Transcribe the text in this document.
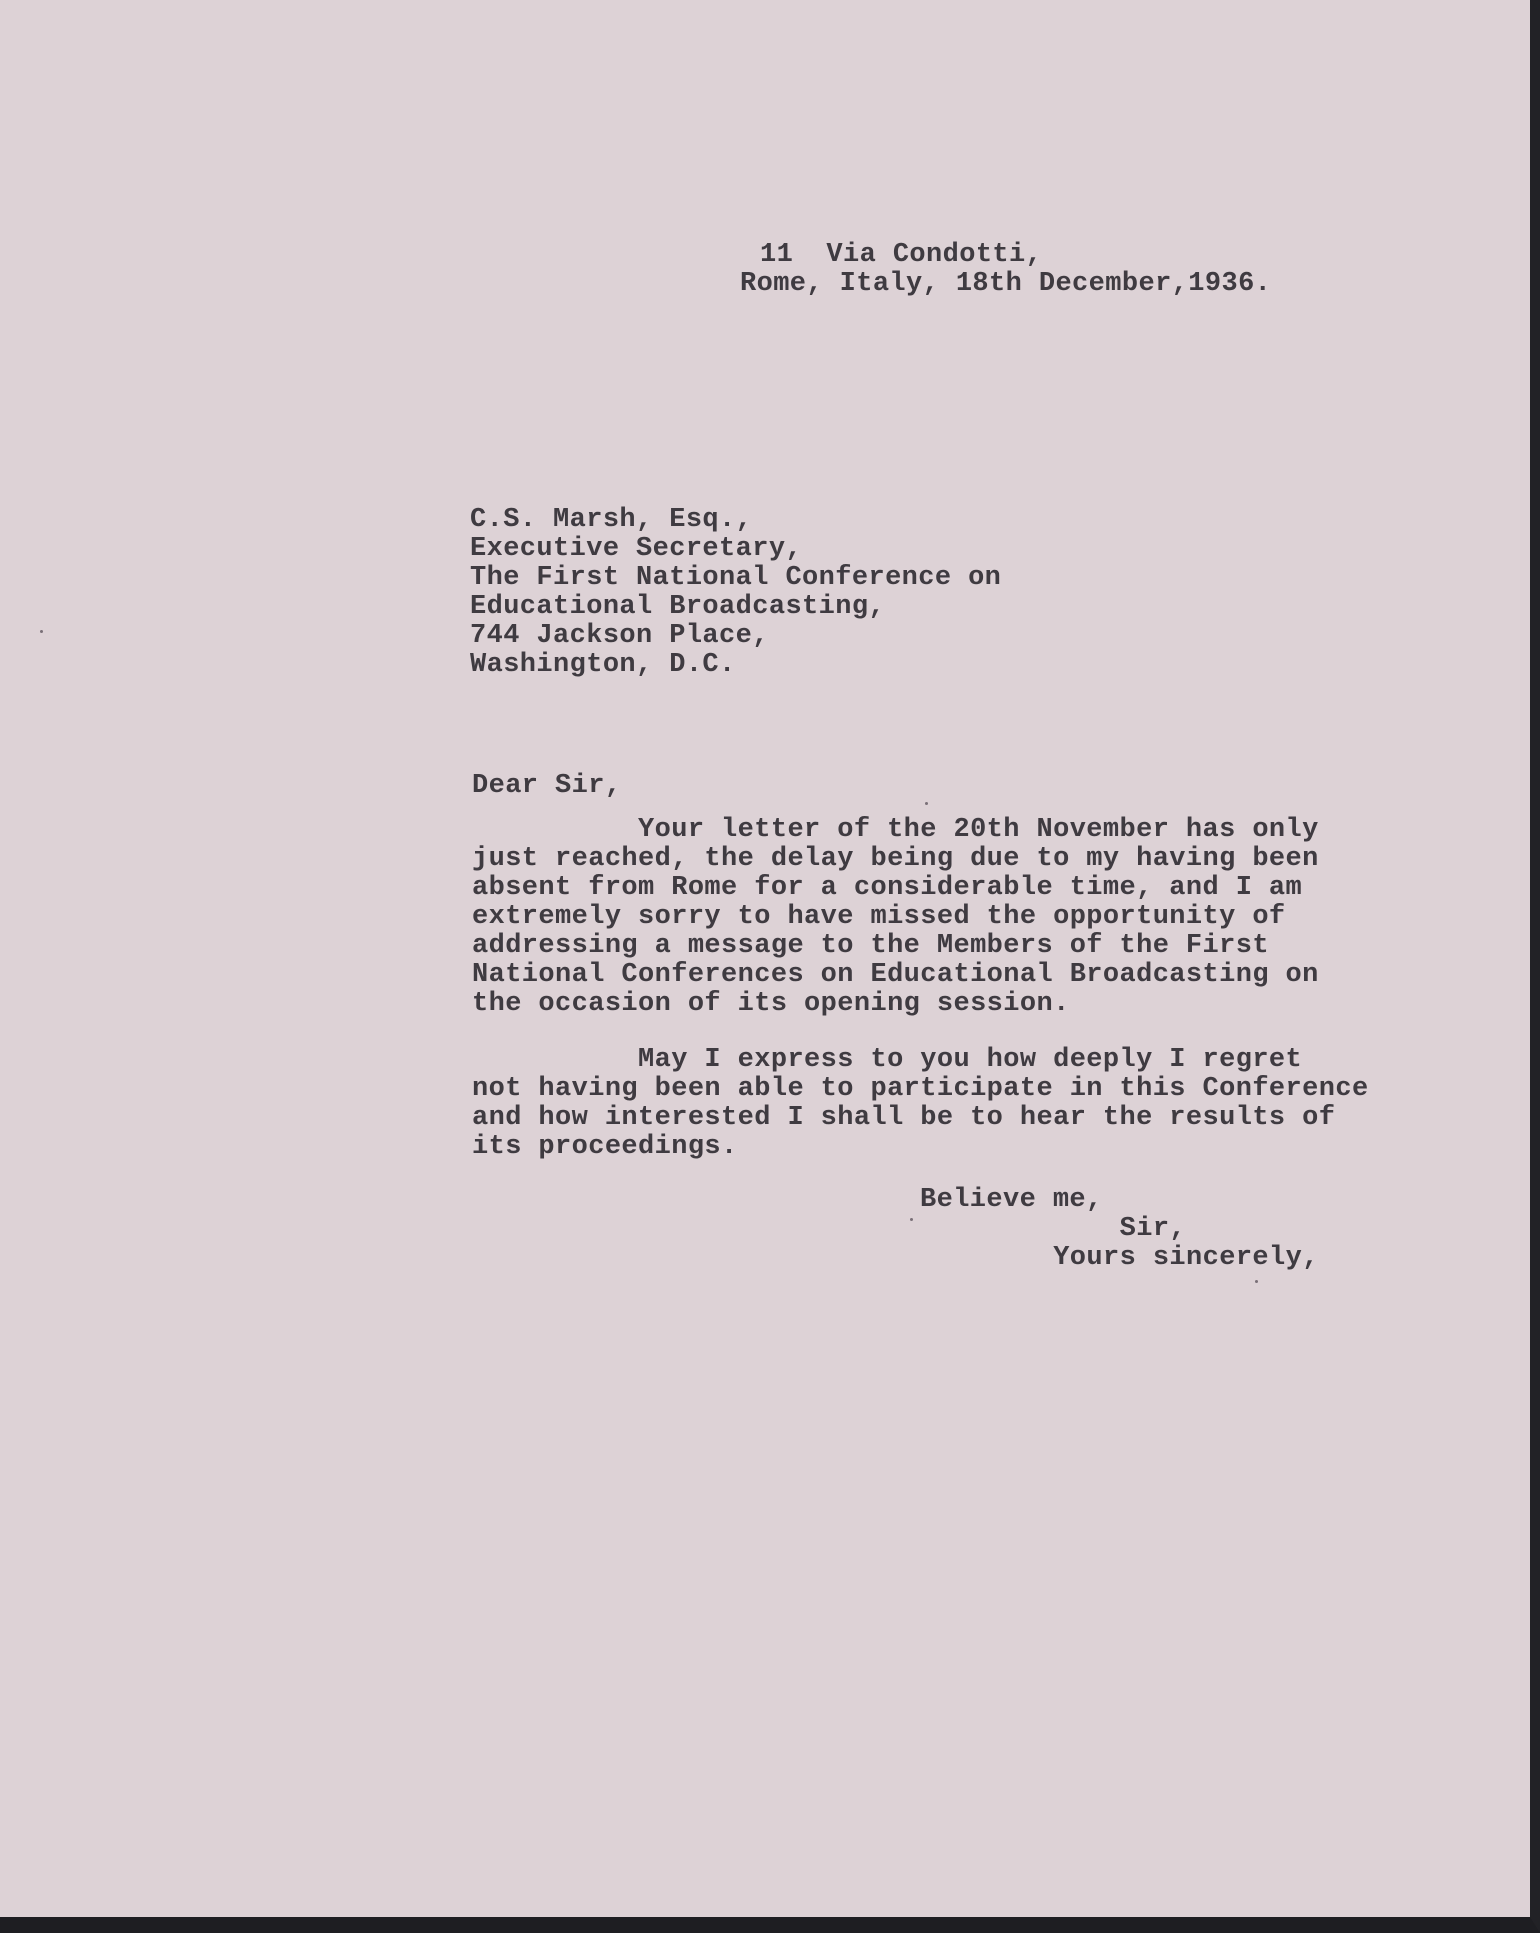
11  Via Condotti,
Rome, Italy, 18th December,1936.
C.S. Marsh, Esq.,
Executive Secretary,
The First National Conference on
Educational Broadcasting,
744 Jackson Place,
Washington, D.C.
Dear Sir,
Your letter of the 20th November has only
just reached, the delay being due to my having been
absent from Rome for a considerable time, and I am
extremely sorry to have missed the opportunity of
addressing a message to the Members of the First
National Conferences on Educational Broadcasting on
the occasion of its opening session.
May I express to you how deeply I regret
not having been able to participate in this Conference
and how interested I shall be to hear the results of
its proceedings.
Believe me,
Sir,
Yours sincerely,
